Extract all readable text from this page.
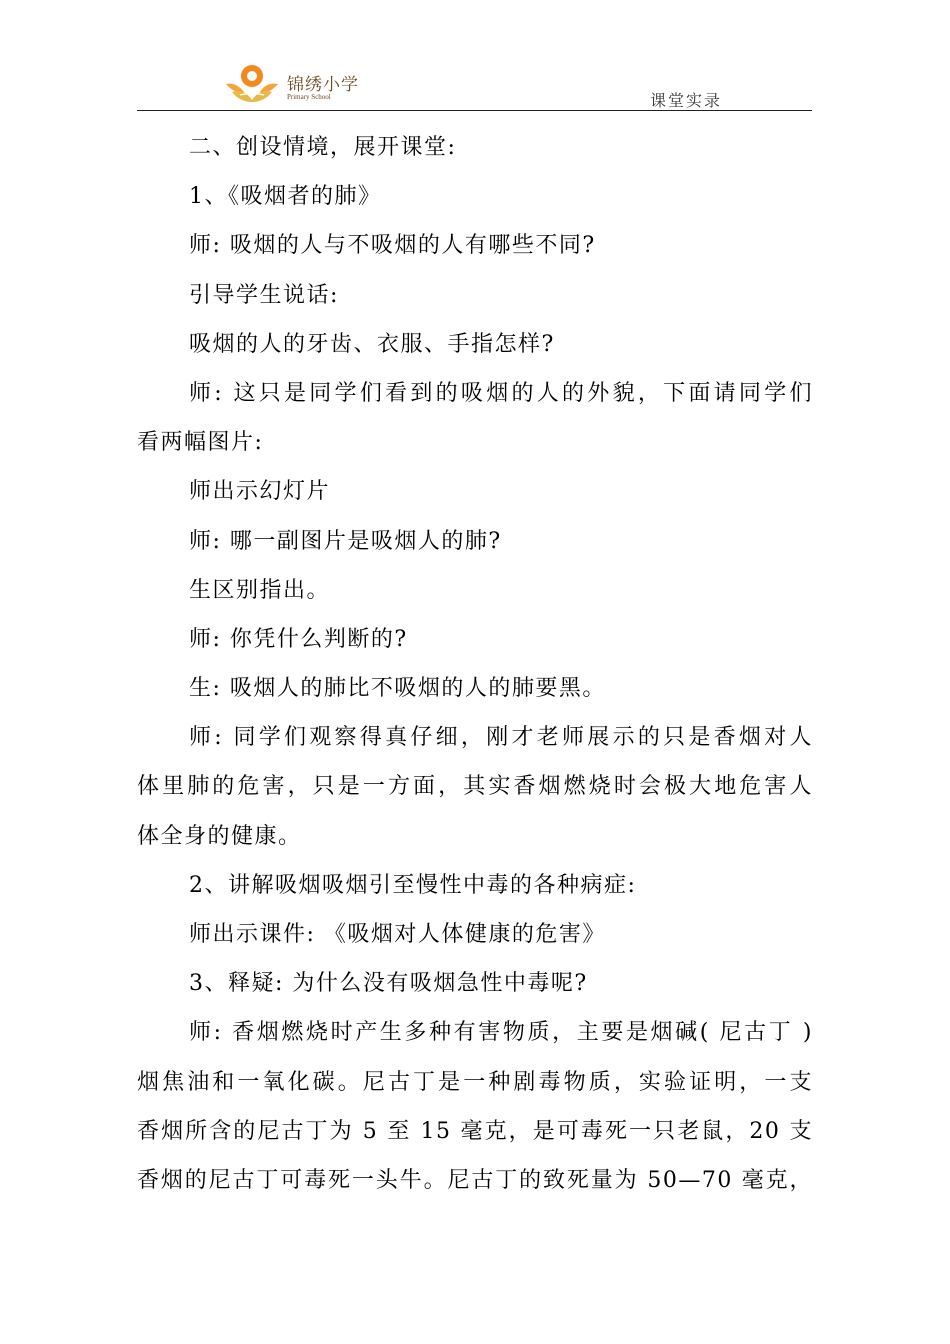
锦绣小学
Primary School	课堂实录
二、创设情境，展开课堂:
1、《吸烟者的肺》
师: 吸烟的人与不吸烟的人有哪些不同?
引导学生说话:
吸烟的人的牙齿、衣服、手指怎样?
师: 这只是同学们看到的吸烟的人的外貌，下面请同学们
看两幅图片:
师出示幻灯片
师: 哪一副图片是吸烟人的肺?
生区别指出。
师: 你凭什么判断的?
生: 吸烟人的肺比不吸烟的人的肺要黑。
师: 同学们观察得真仔细，刚才老师展示的只是香烟对人
体里肺的危害，只是一方面，其实香烟燃烧时会极大地危害人
体全身的健康。
2、讲解吸烟吸烟引至慢性中毒的各种病症:
师出示课件: 《吸烟对人体健康的危害》
3、释疑: 为什么没有吸烟急性中毒呢?
师: 香烟燃烧时产生多种有害物质，主要是烟碱( 尼古丁 )
烟焦油和一氧化碳。尼古丁是一种剧毒物质，实验证明，一支
香烟所含的尼古丁为 5 至 15 毫克，是可毒死一只老鼠，20 支
香烟的尼古丁可毒死一头牛。尼古丁的致死量为 50—70 毫克，
